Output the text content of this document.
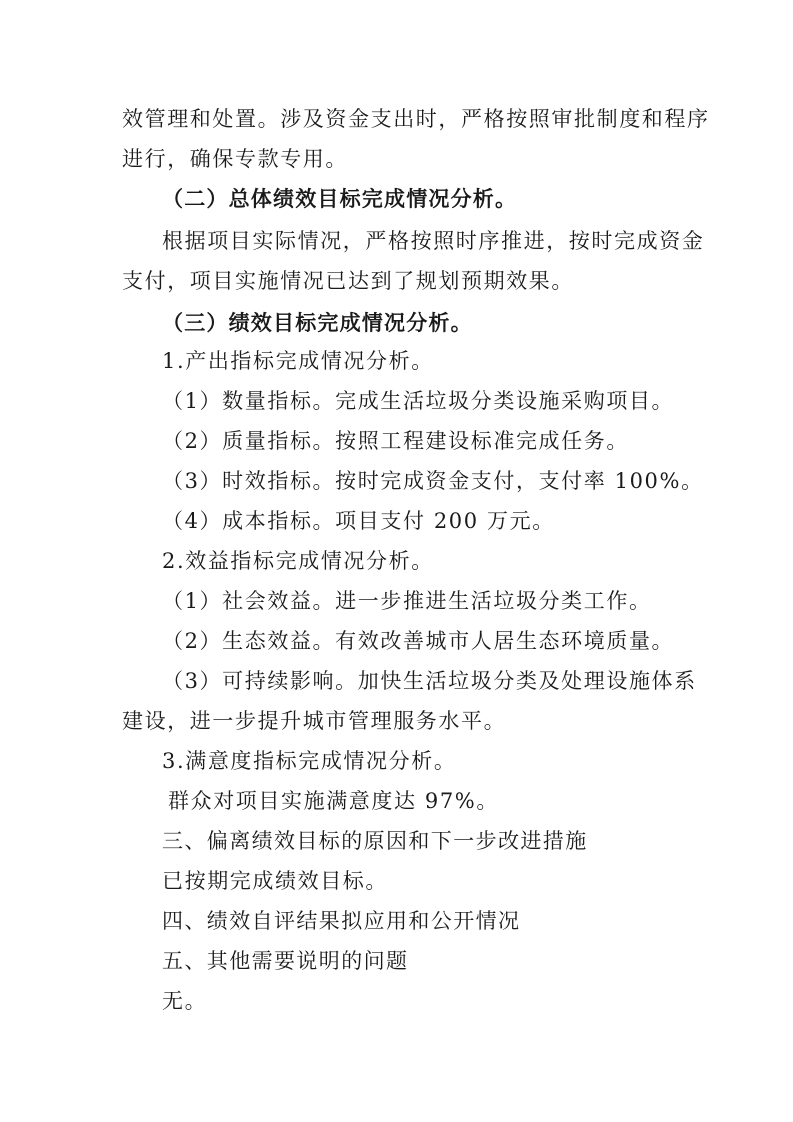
效管理和处置。涉及资金支出时，严格按照审批制度和程序
进行，确保专款专用。
（二）总体绩效目标完成情况分析。
根据项目实际情况，严格按照时序推进，按时完成资金
支付，项目实施情况已达到了规划预期效果。
（三）绩效目标完成情况分析。
1.产出指标完成情况分析。
（1）数量指标。完成生活垃圾分类设施采购项目。
（2）质量指标。按照工程建设标准完成任务。
（3）时效指标。按时完成资金支付，支付率 100%。
（4）成本指标。项目支付 200 万元。
2.效益指标完成情况分析。
（1）社会效益。进一步推进生活垃圾分类工作。
（2）生态效益。有效改善城市人居生态环境质量。
（3）可持续影响。加快生活垃圾分类及处理设施体系
建设，进一步提升城市管理服务水平。
3.满意度指标完成情况分析。
群众对项目实施满意度达 97%。
三、偏离绩效目标的原因和下一步改进措施
已按期完成绩效目标。
四、绩效自评结果拟应用和公开情况
五、其他需要说明的问题
无。
